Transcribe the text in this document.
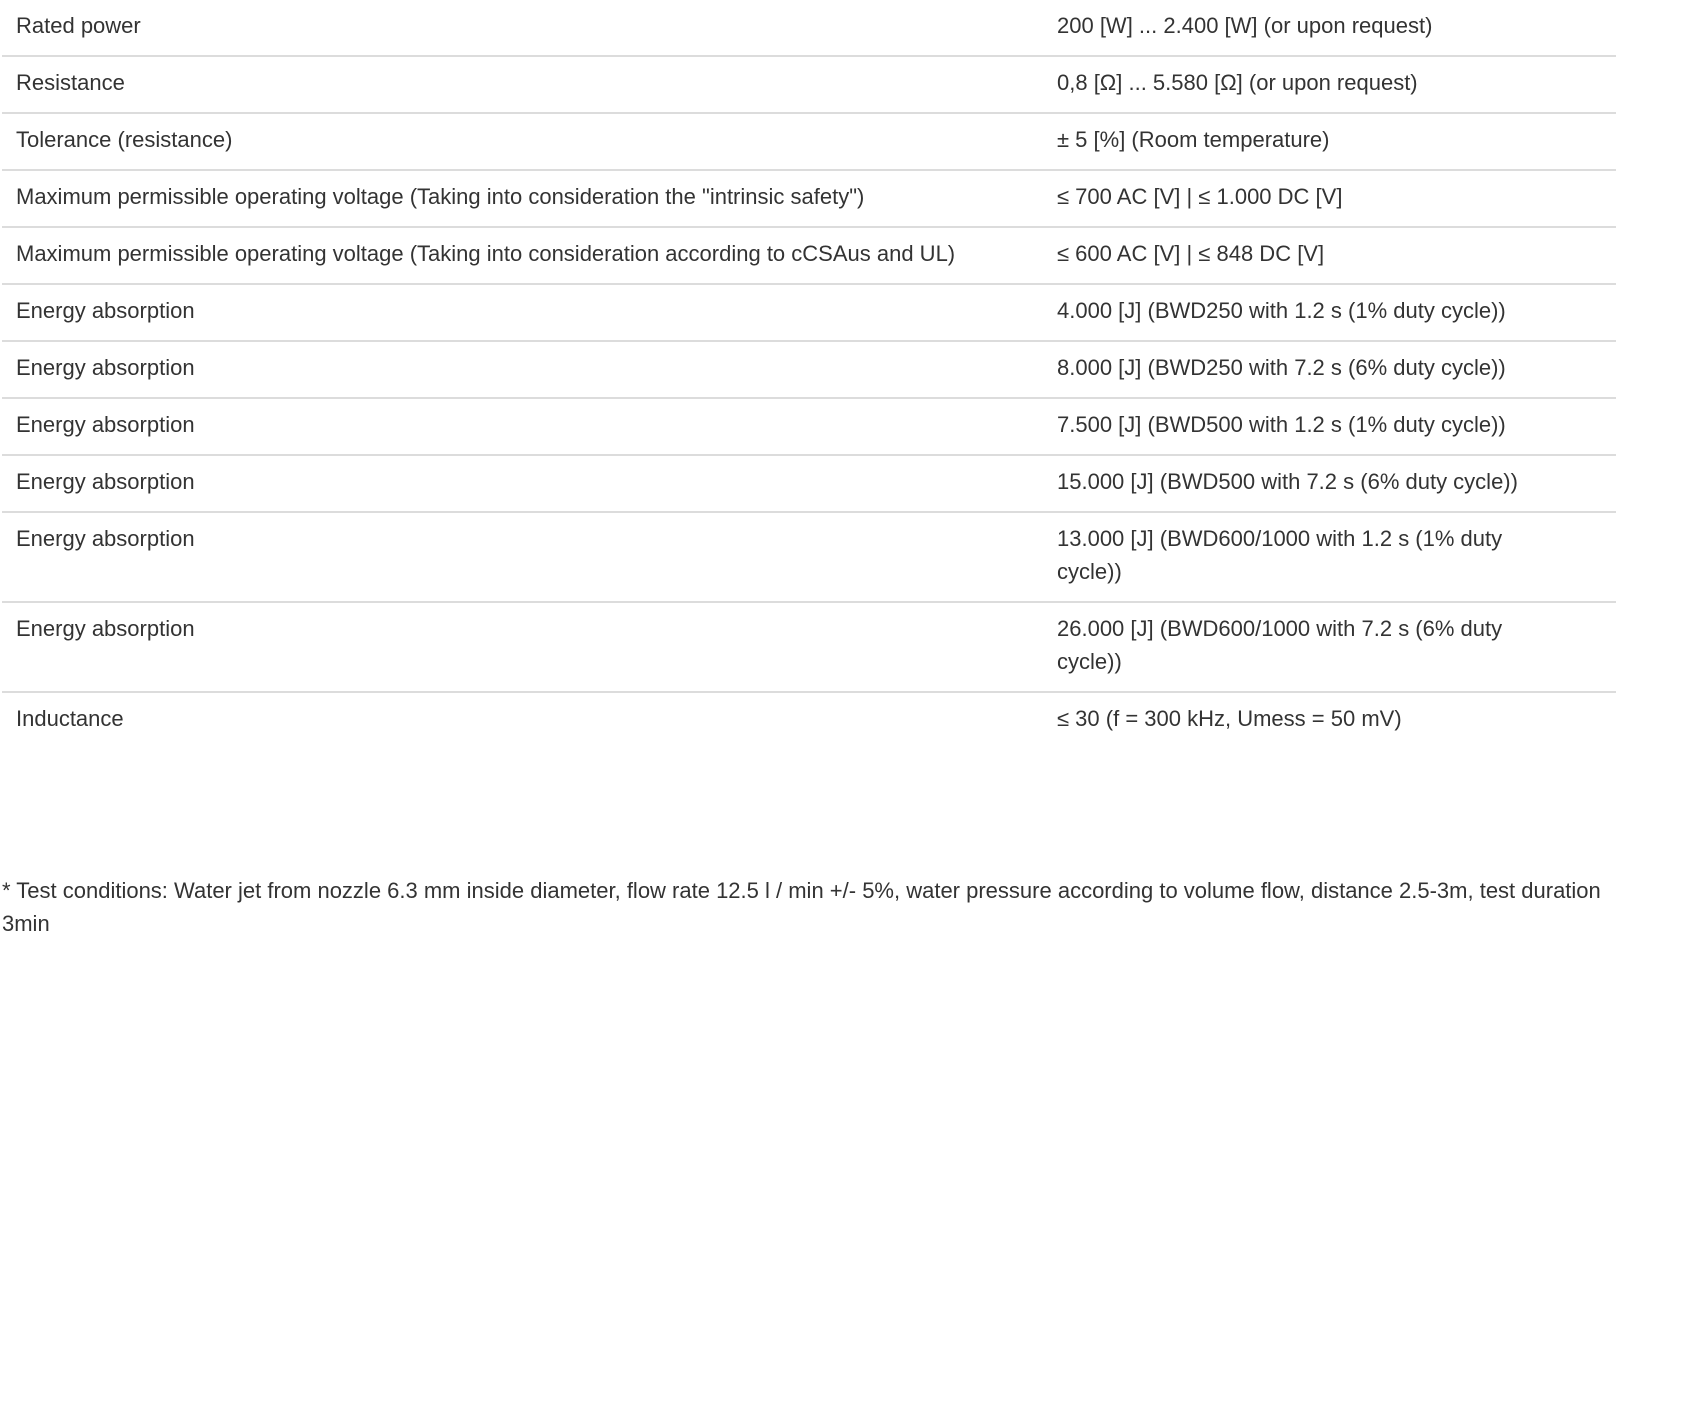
Rated power	200 [W] ... 2.400 [W] (or upon request)
Resistance	0,8 [Ω] ... 5.580 [Ω] (or upon request)
Tolerance (resistance)	± 5 [%] (Room temperature)
Maximum permissible operating voltage (Taking into consideration the "intrinsic safety")	≤ 700 AC [V] | ≤ 1.000 DC [V]
Maximum permissible operating voltage (Taking into consideration according to cCSAus and UL)	≤ 600 AC [V] | ≤ 848 DC [V]
Energy absorption	4.000 [J] (BWD250 with 1.2 s (1% duty cycle))
Energy absorption	8.000 [J] (BWD250 with 7.2 s (6% duty cycle))
Energy absorption	7.500 [J] (BWD500 with 1.2 s (1% duty cycle))
Energy absorption	15.000 [J] (BWD500 with 7.2 s (6% duty cycle))
Energy absorption	13.000 [J] (BWD600/1000 with 1.2 s (1% duty cycle))
Energy absorption	26.000 [J] (BWD600/1000 with 7.2 s (6% duty cycle))
Inductance	≤ 30 (f = 300 kHz, Umess = 50 mV)

* Test conditions: Water jet from nozzle 6.3 mm inside diameter, flow rate 12.5 l / min +/- 5%, water pressure according to volume flow, distance 2.5-3m, test duration 3min
